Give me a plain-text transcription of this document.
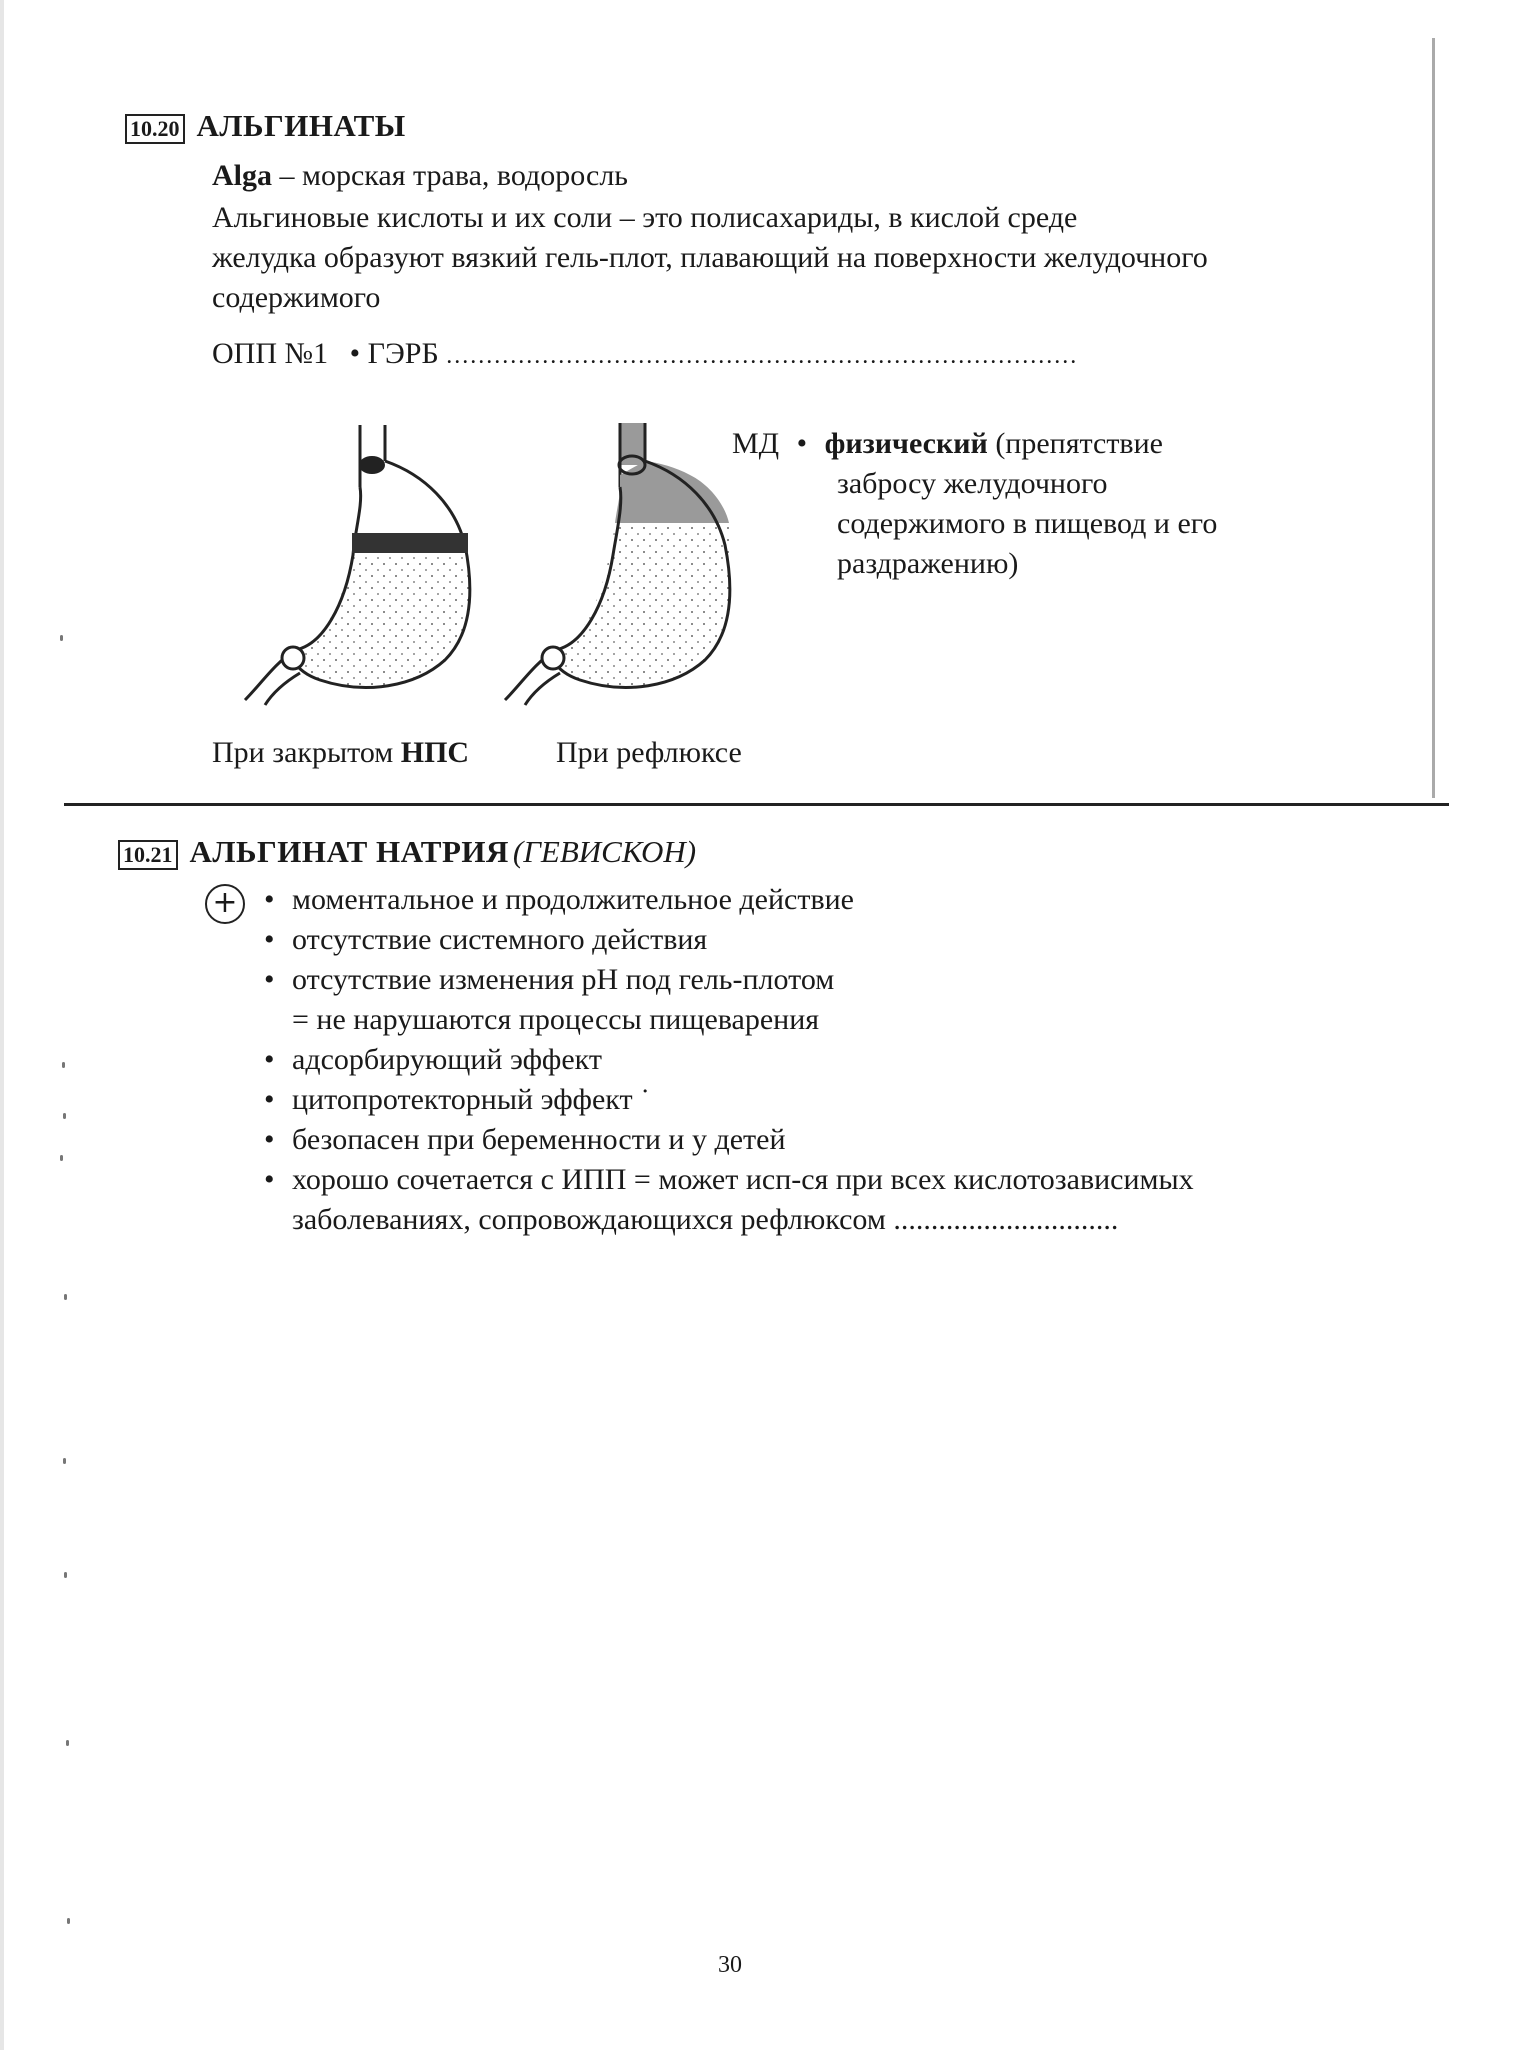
10.20 АЛЬГИНАТЫ
Alga – морская трава, водоросль
Альгиновые кислоты и их соли – это полисахариды, в кислой среде
желудка образуют вязкий гель-плот, плавающий на поверхности желудочного
содержимого
ОПП №1 • ГЭРБ ...............................................................................
МД • физический (препятствие
забросу желудочного
содержимого в пищевод и его
раздражению)
При закрытом НПС	При рефлюксе
10.21 АЛЬГИНАТ НАТРИЯ (ГЕВИСКОН)
+
•	моментальное и продолжительное действие
• отсутствие системного действия
• отсутствие изменения рН под гель-плотом
= не нарушаются процессы пищеварения
• адсорбирующий эффект
• цитопротекторный эффект ˙
• безопасен при беременности и у детей
• хорошо сочетается с ИПП = может исп-ся при всех кислотозависимых
заболеваниях, сопровождающихся рефлюксом ..............................
30
